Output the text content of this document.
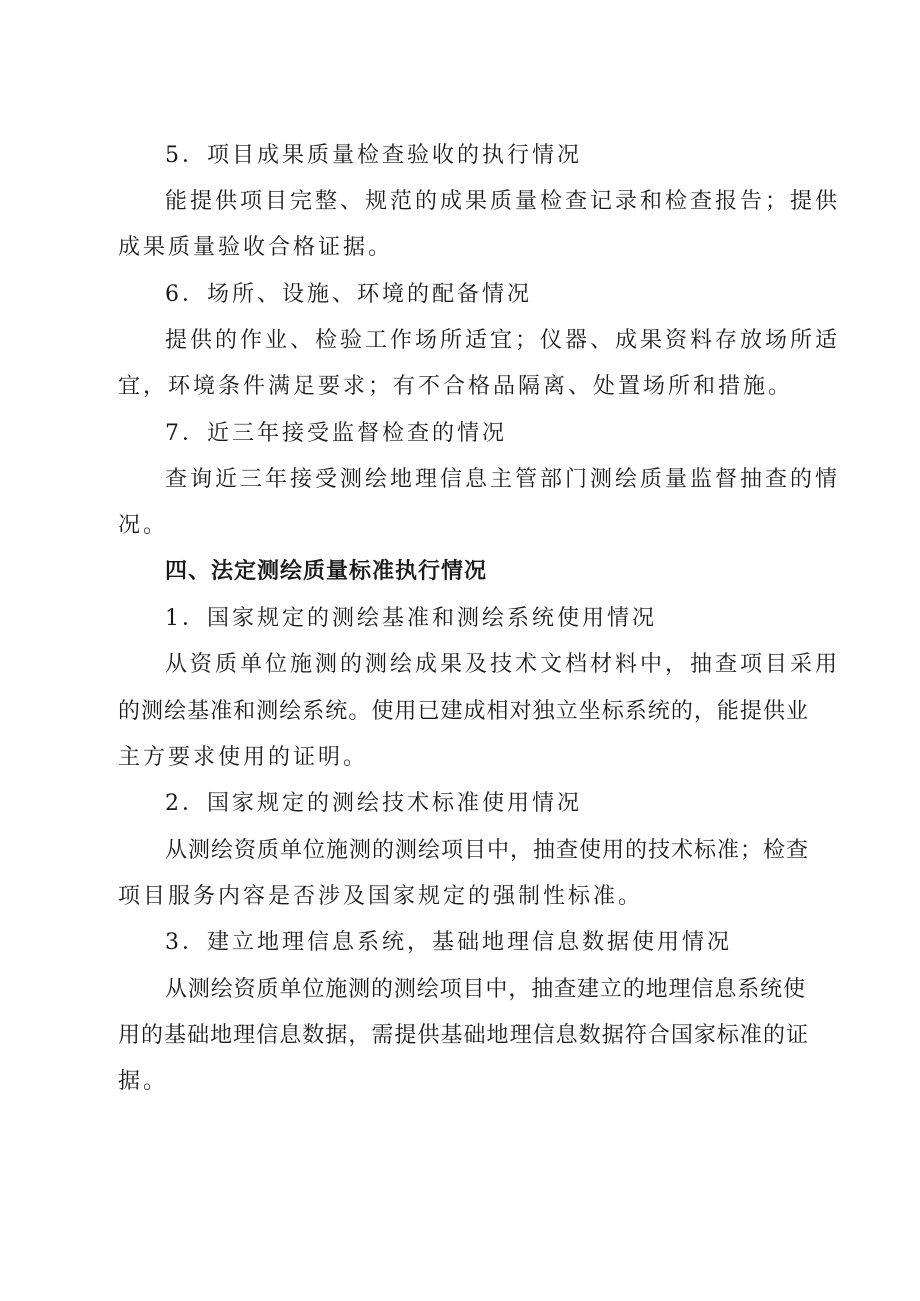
5．项目成果质量检查验收的执行情况
能提供项目完整、规范的成果质量检查记录和检查报告；提供
成果质量验收合格证据。
6．场所、设施、环境的配备情况
提供的作业、检验工作场所适宜；仪器、成果资料存放场所适
宜，环境条件满足要求；有不合格品隔离、处置场所和措施。
7．近三年接受监督检查的情况
查询近三年接受测绘地理信息主管部门测绘质量监督抽查的情
况。
四、法定测绘质量标准执行情况
1．国家规定的测绘基准和测绘系统使用情况
从资质单位施测的测绘成果及技术文档材料中，抽查项目采用
的测绘基准和测绘系统。使用已建成相对独立坐标系统的，能提供业
主方要求使用的证明。
2．国家规定的测绘技术标准使用情况
从测绘资质单位施测的测绘项目中，抽查使用的技术标准；检查
项目服务内容是否涉及国家规定的强制性标准。
3．建立地理信息系统，基础地理信息数据使用情况
从测绘资质单位施测的测绘项目中，抽查建立的地理信息系统使
用的基础地理信息数据，需提供基础地理信息数据符合国家标准的证
据。
